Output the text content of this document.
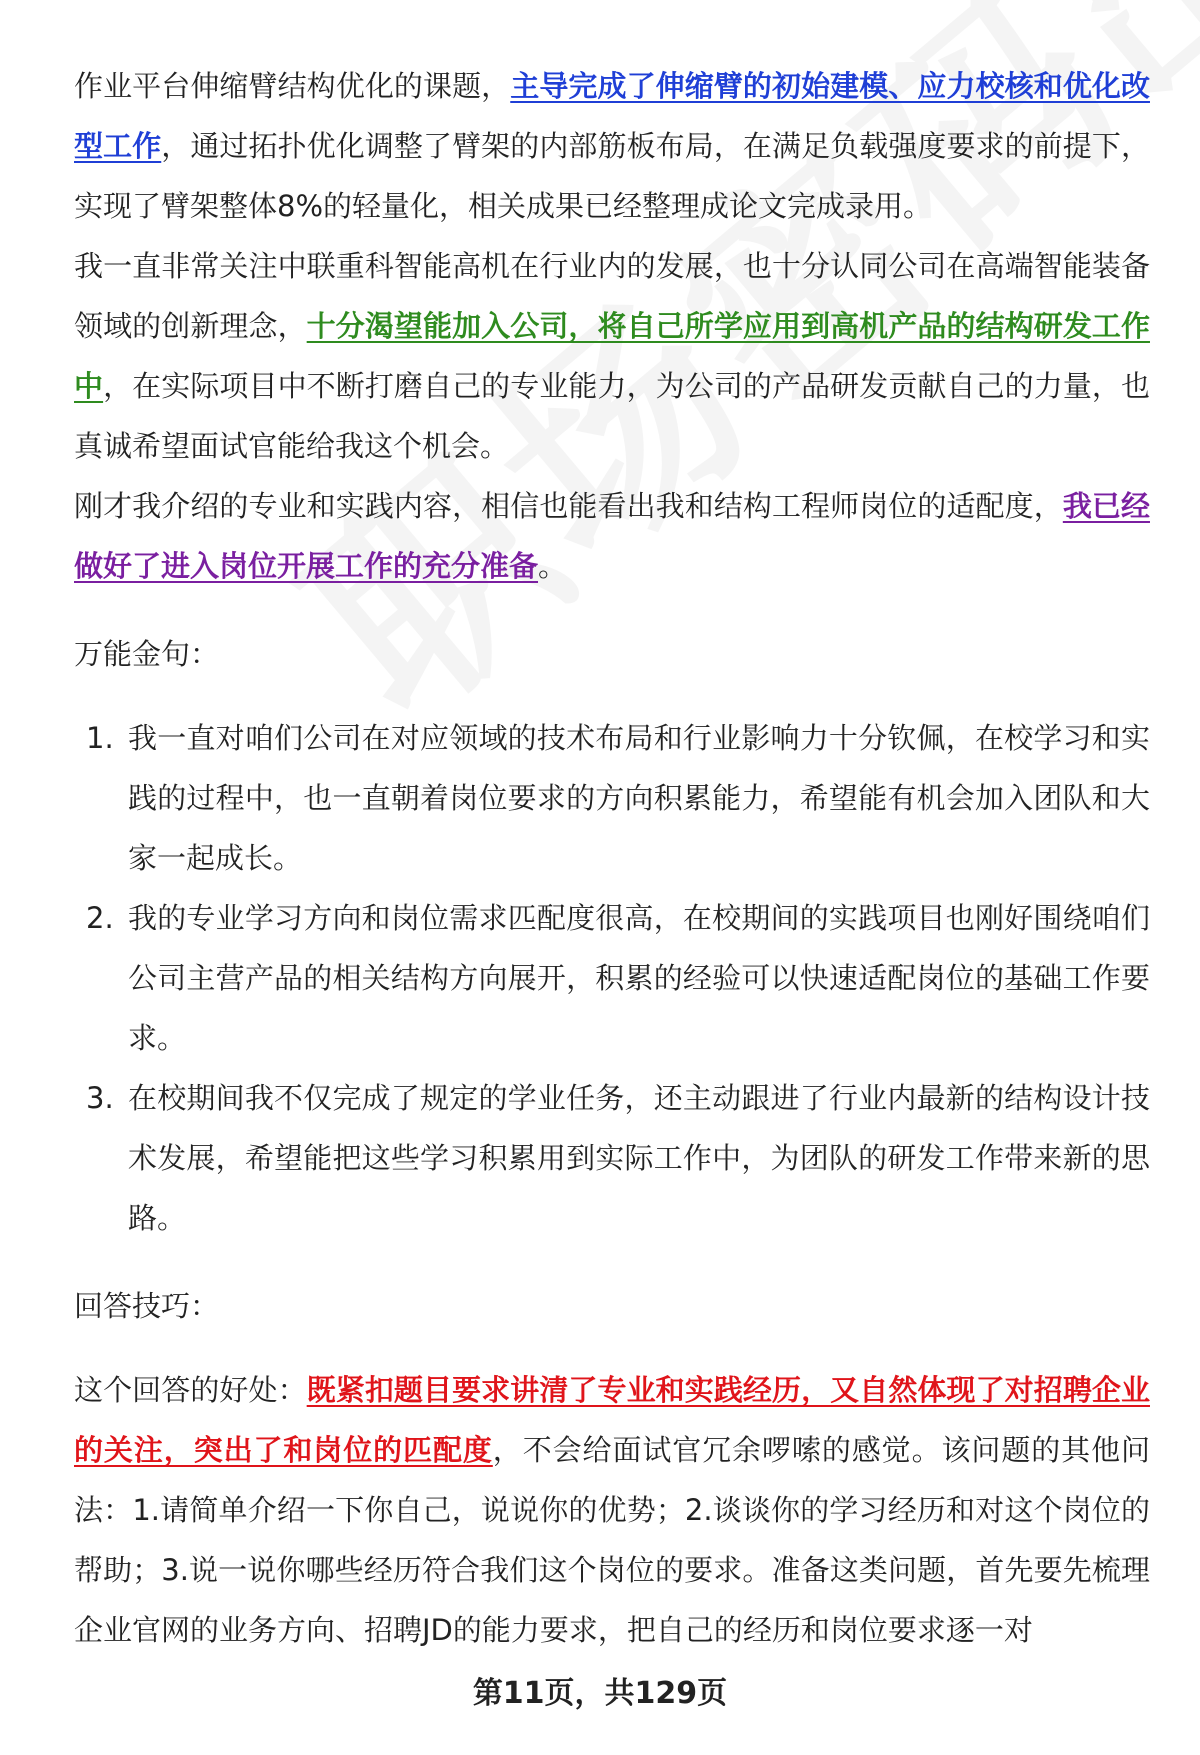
作业平台伸缩臂结构优化的课题，主导完成了伸缩臂的初始建模、应力校核和优化改型工作，通过拓扑优化调整了臂架的内部筋板布局，在满足负载强度要求的前提下，实现了臂架整体8%的轻量化，相关成果已经整理成论文完成录用。

我一直非常关注中联重科智能高机在行业内的发展，也十分认同公司在高端智能装备领域的创新理念，十分渴望能加入公司，将自己所学应用到高机产品的结构研发工作中，在实际项目中不断打磨自己的专业能力，为公司的产品研发贡献自己的力量，也真诚希望面试官能给我这个机会。

刚才我介绍的专业和实践内容，相信也能看出我和结构工程师岗位的适配度，我已经做好了进入岗位开展工作的充分准备。

万能金句：

1. 我一直对咱们公司在对应领域的技术布局和行业影响力十分钦佩，在校学习和实践的过程中，也一直朝着岗位要求的方向积累能力，希望能有机会加入团队和大家一起成长。
2. 我的专业学习方向和岗位需求匹配度很高，在校期间的实践项目也刚好围绕咱们公司主营产品的相关结构方向展开，积累的经验可以快速适配岗位的基础工作要求。
3. 在校期间我不仅完成了规定的学业任务，还主动跟进了行业内最新的结构设计技术发展，希望能把这些学习积累用到实际工作中，为团队的研发工作带来新的思路。

回答技巧：

这个回答的好处：既紧扣题目要求讲清了专业和实践经历，又自然体现了对招聘企业的关注，突出了和岗位的匹配度，不会给面试官冗余啰嗦的感觉。该问题的其他问法：1.请简单介绍一下你自己，说说你的优势；2.谈谈你的学习经历和对这个岗位的帮助；3.说一说你哪些经历符合我们这个岗位的要求。准备这类问题，首先要先梳理企业官网的业务方向、招聘JD的能力要求，把自己的经历和岗位要求逐一对

第11页，共129页
